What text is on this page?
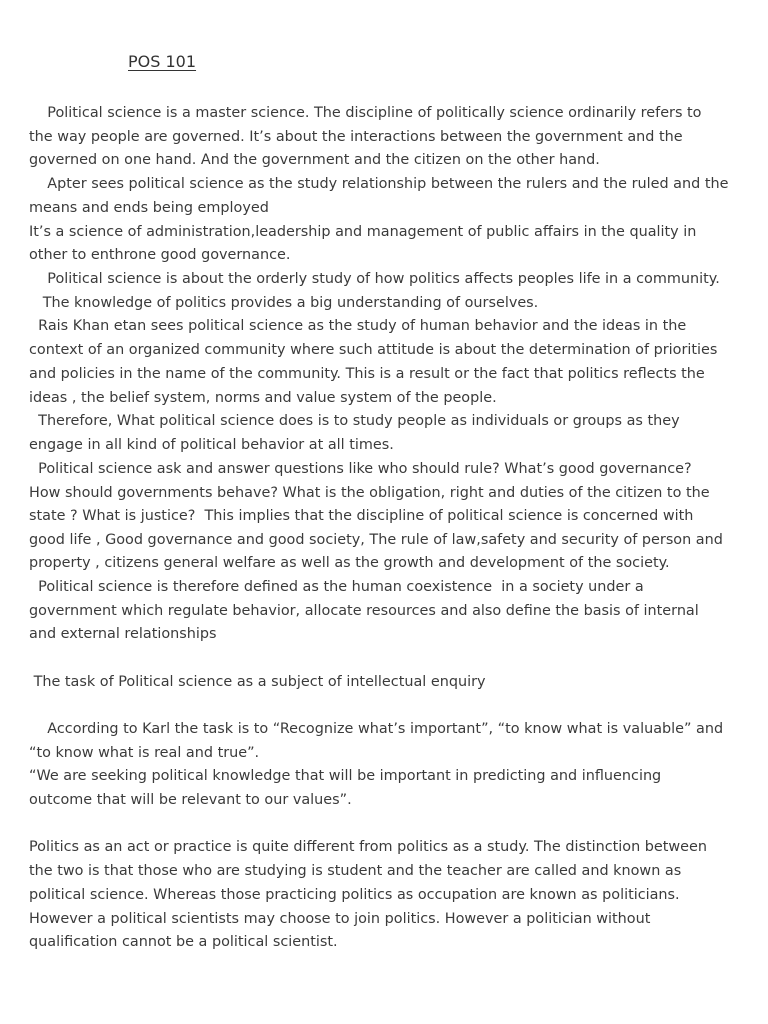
POS 101

Political science is a master science. The discipline of politically science ordinarily refers to

the way people are governed. It’s about the interactions between the government and the

governed on one hand. And the government and the citizen on the other hand.

Apter sees political science as the study relationship between the rulers and the ruled and the

means and ends being employed

It’s a science of administration,leadership and management of public affairs in the quality in

other to enthrone good governance.

Political science is about the orderly study of how politics affects peoples life in a community.

The knowledge of politics provides a big understanding of ourselves.

Rais Khan etan sees political science as the study of human behavior and the ideas in the

context of an organized community where such attitude is about the determination of priorities

and policies in the name of the community. This is a result or the fact that politics reflects the

ideas , the belief system, norms and value system of the people.

Therefore, What political science does is to study people as individuals or groups as they

engage in all kind of political behavior at all times.

Political science ask and answer questions like who should rule? What’s good governance?

How should governments behave? What is the obligation, right and duties of the citizen to the

state ? What is justice?  This implies that the discipline of political science is concerned with

good life , Good governance and good society, The rule of law,safety and security of person and

property , citizens general welfare as well as the growth and development of the society.

Political science is therefore defined as the human coexistence  in a society under a

government which regulate behavior, allocate resources and also define the basis of internal

and external relationships

The task of Political science as a subject of intellectual enquiry

According to Karl the task is to “Recognize what’s important”, “to know what is valuable” and

“to know what is real and true”.

“We are seeking political knowledge that will be important in predicting and influencing

outcome that will be relevant to our values”.

Politics as an act or practice is quite different from politics as a study. The distinction between

the two is that those who are studying is student and the teacher are called and known as

political science. Whereas those practicing politics as occupation are known as politicians.

However a political scientists may choose to join politics. However a politician without

qualification cannot be a political scientist.
